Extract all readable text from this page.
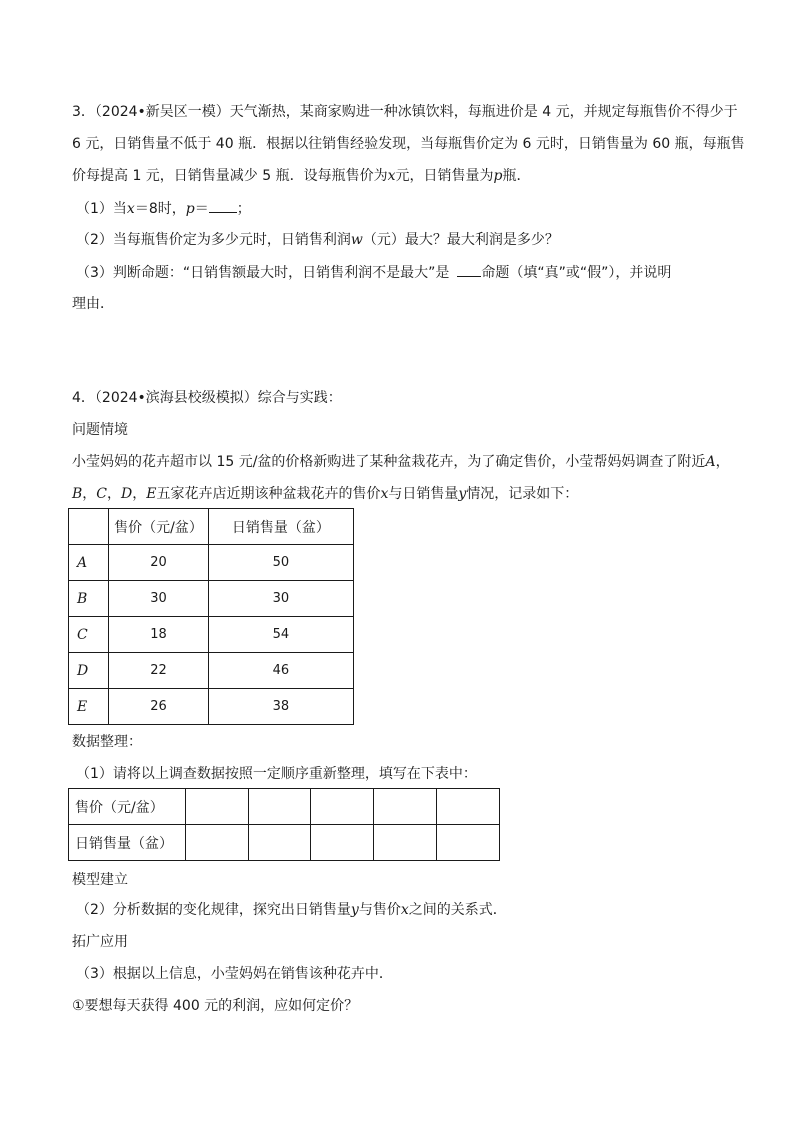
3．（2024•新吴区一模）天气渐热，某商家购进一种冰镇饮料，每瓶进价是 4 元，并规定每瓶售价不得少于
6 元，日销售量不低于 40 瓶．根据以往销售经验发现，当每瓶售价定为 6 元时，日销售量为 60 瓶，每瓶售
价每提高 1 元，日销售量减少 5 瓶．设每瓶售价为x元，日销售量为p瓶．
（1）当x＝8时，p＝ ；
（2）当每瓶售价定为多少元时，日销售利润w（元）最大？最大利润是多少？
（3）判断命题：“日销售额最大时，日销售利润不是最大”是 命题（填“真”或“假”），并说明
理由．
4．（2024•滨海县校级模拟）综合与实践：
问题情境
小莹妈妈的花卉超市以 15 元/盆的价格新购进了某种盆栽花卉，为了确定售价，小莹帮妈妈调查了附近A，
B，C，D，E五家花卉店近期该种盆栽花卉的售价x与日销售量y情况，记录如下：
	售价（元/盆）	日销售量（盆）
A	20	50
B	30	30
C	18	54
D	22	46
E	26	38
数据整理：
（1）请将以上调查数据按照一定顺序重新整理，填写在下表中：
售价（元/盆）					
日销售量（盆）					
模型建立
（2）分析数据的变化规律，探究出日销售量y与售价x之间的关系式．
拓广应用
（3）根据以上信息，小莹妈妈在销售该种花卉中．
①要想每天获得 400 元的利润，应如何定价？
